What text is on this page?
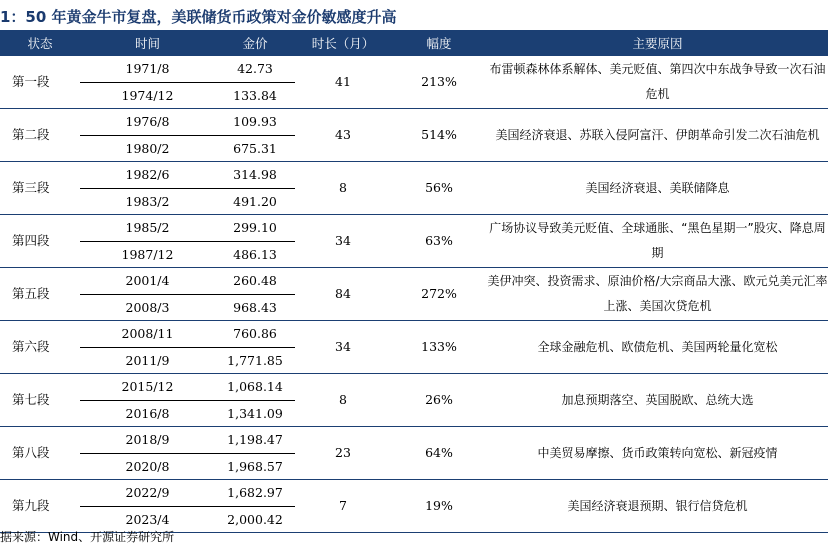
1：50 年黄金牛市复盘，美联储货币政策对金价敏感度升高
状态	时间	金价	时长（月）	幅度	主要原因
第一段	1971/8	42.73	41	213%	布雷顿森林体系解体、美元贬值、第四次中东战争导致一次石油危机
	1974/12	133.84			
第二段	1976/8	109.93	43	514%	美国经济衰退、苏联入侵阿富汗、伊朗革命引发二次石油危机
	1980/2	675.31			
第三段	1982/6	314.98	8	56%	美国经济衰退、美联储降息
	1983/2	491.20			
第四段	1985/2	299.10	34	63%	广场协议导致美元贬值、全球通胀、“黑色星期一”股灾、降息周期
	1987/12	486.13			
第五段	2001/4	260.48	84	272%	美伊冲突、投资需求、原油价格/大宗商品大涨、欧元兑美元汇率上涨、美国次贷危机
	2008/3	968.43			
第六段	2008/11	760.86	34	133%	全球金融危机、欧债危机、美国两轮量化宽松
	2011/9	1,771.85			
第七段	2015/12	1,068.14	8	26%	加息预期落空、英国脱欧、总统大选
	2016/8	1,341.09			
第八段	2018/9	1,198.47	23	64%	中美贸易摩擦、货币政策转向宽松、新冠疫情
	2020/8	1,968.57			
第九段	2022/9	1,682.97	7	19%	美国经济衰退预期、银行信贷危机
	2023/4	2,000.42			
据来源：Wind、开源证券研究所
